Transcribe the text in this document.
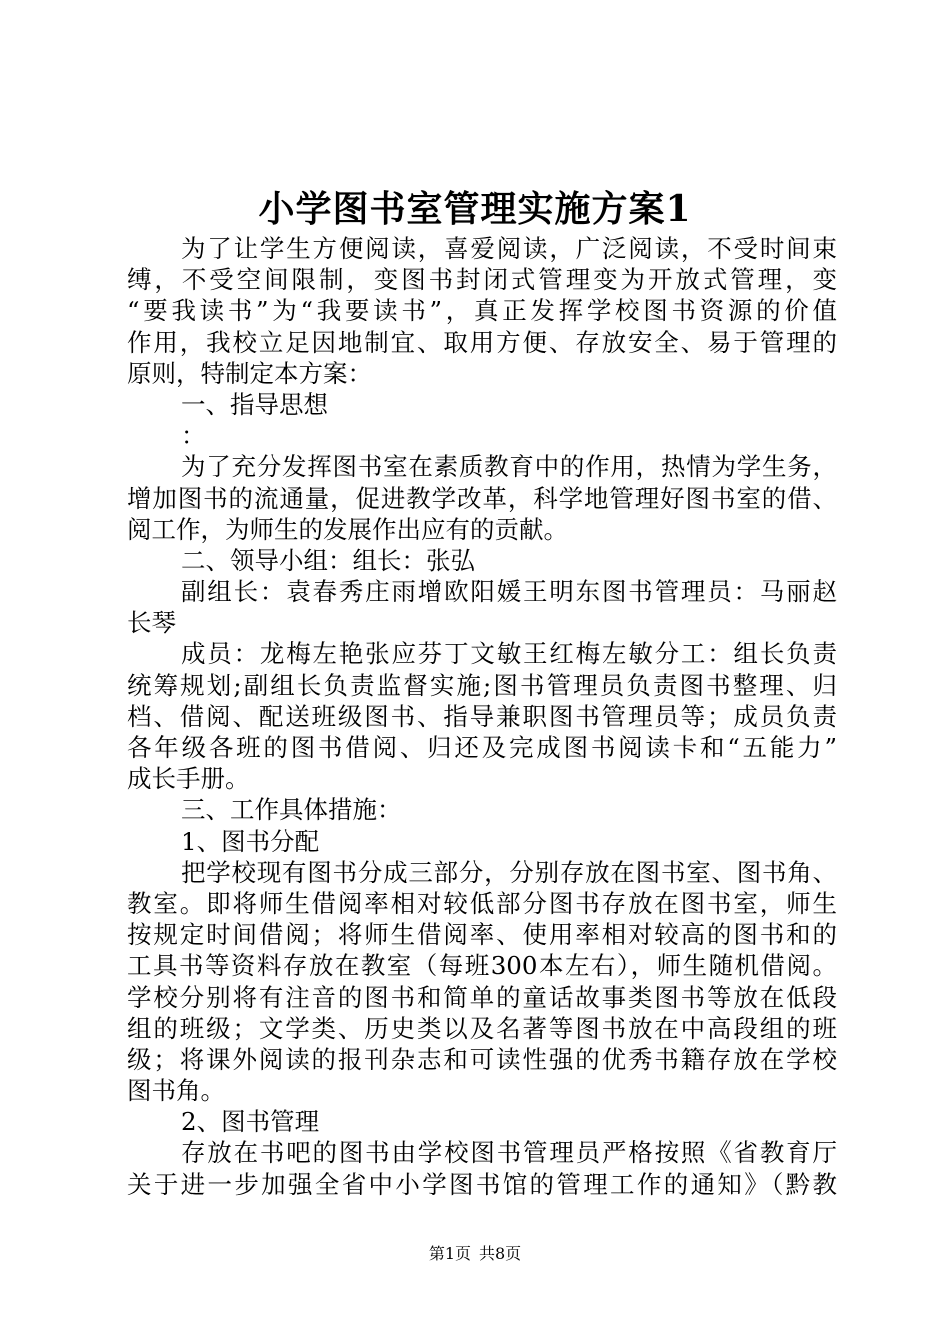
小学图书室管理实施方案1
为了让学生方便阅读，喜爱阅读，广泛阅读，不受时间束
缚，不受空间限制，变图书封闭式管理变为开放式管理，变
“要我读书”为“我要读书”，真正发挥学校图书资源的价值
作用，我校立足因地制宜、取用方便、存放安全、易于管理的
原则，特制定本方案：
一、指导思想
：
为了充分发挥图书室在素质教育中的作用，热情为学生务，
增加图书的流通量，促进教学改革，科学地管理好图书室的借、
阅工作，为师生的发展作出应有的贡献。
二、领导小组：组长：张弘
副组长：袁春秀庄雨增欧阳媛王明东图书管理员：马丽赵
长琴
成员：龙梅左艳张应芬丁文敏王红梅左敏分工：组长负责
统筹规划;副组长负责监督实施;图书管理员负责图书整理、归
档、借阅、配送班级图书、指导兼职图书管理员等；成员负责
各年级各班的图书借阅、归还及完成图书阅读卡和“五能力”
成长手册。
三、工作具体措施：
1、图书分配
把学校现有图书分成三部分，分别存放在图书室、图书角、
教室。即将师生借阅率相对较低部分图书存放在图书室，师生
按规定时间借阅；将师生借阅率、使用率相对较高的图书和的
工具书等资料存放在教室（每班300本左右），师生随机借阅。
学校分别将有注音的图书和简单的童话故事类图书等放在低段
组的班级；文学类、历史类以及名著等图书放在中高段组的班
级；将课外阅读的报刊杂志和可读性强的优秀书籍存放在学校
图书角。
2、图书管理
存放在书吧的图书由学校图书管理员严格按照《省教育厅
关于进一步加强全省中小学图书馆的管理工作的通知》（黔教
第1页 共8页
